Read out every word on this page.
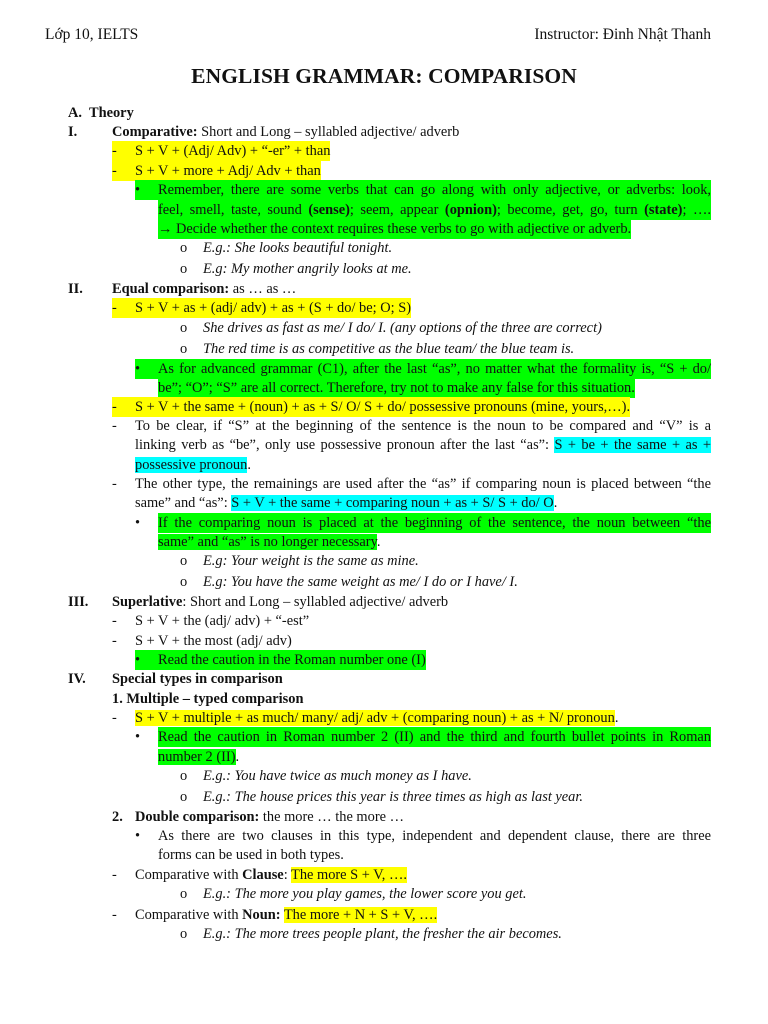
Lớp 10, IELTS	Instructor: Đinh Nhật Thanh
ENGLISH GRAMMAR: COMPARISON
A. Theory
I. Comparative: Short and Long – syllabled adjective/ adverb
-	S + V + (Adj/ Adv) + “-er” + than
-	S + V + more + Adj/ Adv + than
•	Remember, there are some verbs that can go along with only adjective, or adverbs: look,
feel, smell, taste, sound (sense); seem, appear (opnion); become, get, go, turn (state); ….
→ Decide whether the context requires these verbs to go with adjective or adverb.
o E.g.: She looks beautiful tonight.
o E.g: My mother angrily looks at me.
II. Equal comparison: as … as …
-	S + V + as + (adj/ adv) + as + (S + do/ be; O; S)
o She drives as fast as me/ I do/ I. (any options of the three are correct)
o The red time is as competitive as the blue team/ the blue team is.
•	As for advanced grammar (C1), after the last “as”, no matter what the formality is, “S + do/
be”; “O”; “S” are all correct. Therefore, try not to make any false for this situation.
-	S + V + the same + (noun) + as + S/ O/ S + do/ possessive pronouns (mine, yours,…).
- To be clear, if “S” at the beginning of the sentence is the noun to be compared and “V” is a
linking verb as “be”, only use possessive pronoun after the last “as”: S + be + the same + as +
possessive pronoun.
- The other type, the remainings are used after the “as” if comparing noun is placed between “the
same” and “as”: S + V + the same + comparing noun + as + S/ S + do/ O.
• If the comparing noun is placed at the beginning of the sentence, the noun between “the
same” and “as” is no longer necessary.
o E.g: Your weight is the same as mine.
o E.g: You have the same weight as me/ I do or I have/ I.
III. Superlative: Short and Long – syllabled adjective/ adverb
- S + V + the (adj/ adv) + “-est”
- S + V + the most (adj/ adv)
•	Read the caution in the Roman number one (I)
IV. Special types in comparison
1. Multiple – typed comparison
- S + V + multiple + as much/ many/ adj/ adv + (comparing noun) + as + N/ pronoun.
• Read the caution in Roman number 2 (II) and the third and fourth bullet points in Roman
number 2 (II).
o E.g.: You have twice as much money as I have.
o E.g.: The house prices this year is three times as high as last year.
2. Double comparison: the more … the more …
• As there are two clauses in this type, independent and dependent clause, there are three
forms can be used in both types.
- Comparative with Clause: The more S + V, ….
o E.g.: The more you play games, the lower score you get.
- Comparative with Noun: The more + N + S + V, ….
o E.g.: The more trees people plant, the fresher the air becomes.
